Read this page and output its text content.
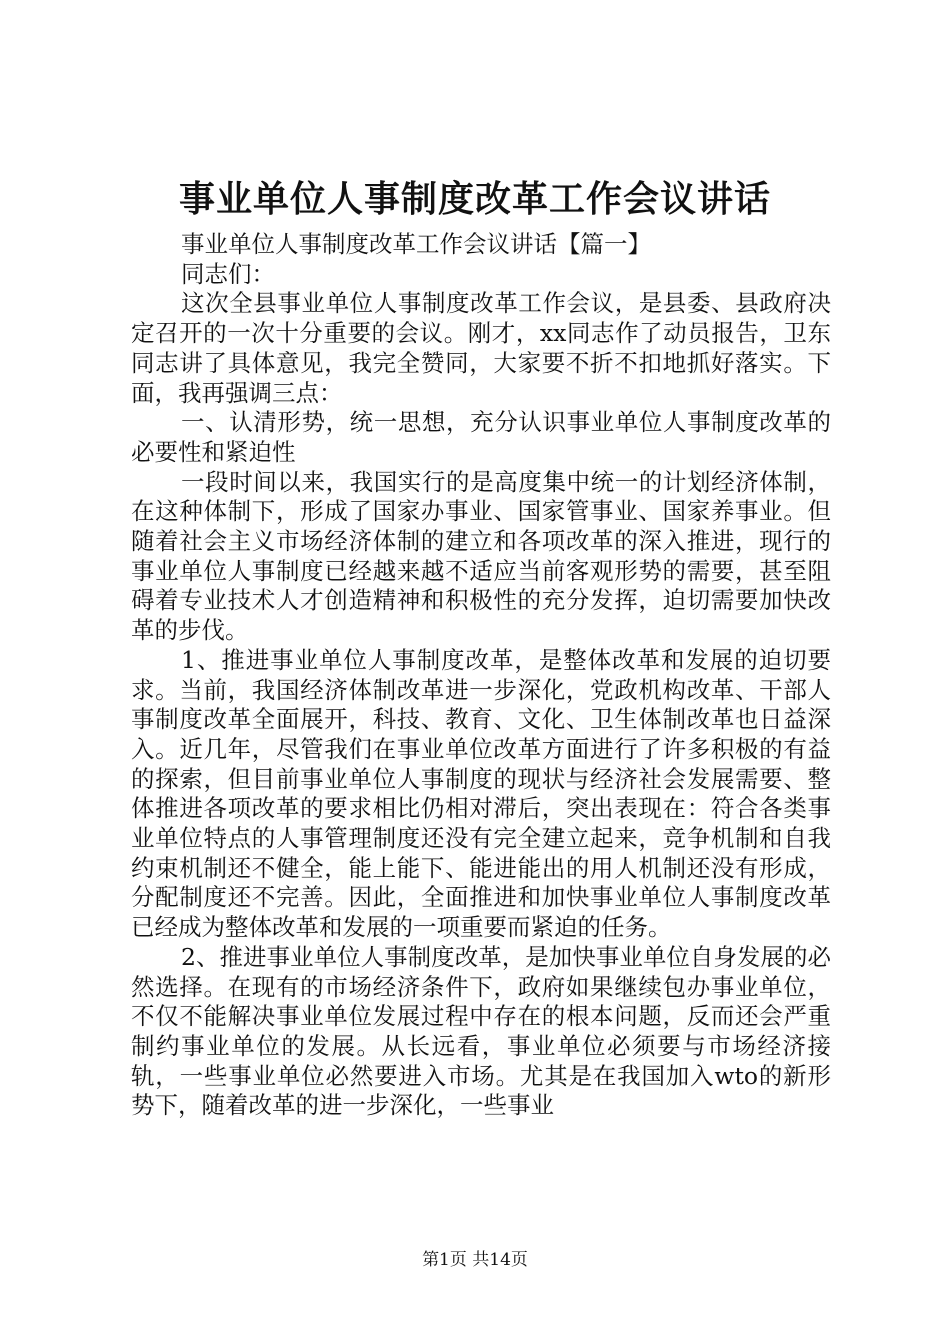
事业单位人事制度改革工作会议讲话

事业单位人事制度改革工作会议讲话【篇一】

同志们：

这次全县事业单位人事制度改革工作会议，是县委、县政府决定召开的一次十分重要的会议。刚才，xx同志作了动员报告，卫东同志讲了具体意见，我完全赞同，大家要不折不扣地抓好落实。下面，我再强调三点：

一、认清形势，统一思想，充分认识事业单位人事制度改革的必要性和紧迫性

一段时间以来，我国实行的是高度集中统一的计划经济体制，在这种体制下，形成了国家办事业、国家管事业、国家养事业。但随着社会主义市场经济体制的建立和各项改革的深入推进，现行的事业单位人事制度已经越来越不适应当前客观形势的需要，甚至阻碍着专业技术人才创造精神和积极性的充分发挥，迫切需要加快改革的步伐。

1、推进事业单位人事制度改革，是整体改革和发展的迫切要求。当前，我国经济体制改革进一步深化，党政机构改革、干部人事制度改革全面展开，科技、教育、文化、卫生体制改革也日益深入。近几年，尽管我们在事业单位改革方面进行了许多积极的有益的探索，但目前事业单位人事制度的现状与经济社会发展需要、整体推进各项改革的要求相比仍相对滞后，突出表现在：符合各类事业单位特点的人事管理制度还没有完全建立起来，竞争机制和自我约束机制还不健全，能上能下、能进能出的用人机制还没有形成，分配制度还不完善。因此，全面推进和加快事业单位人事制度改革已经成为整体改革和发展的一项重要而紧迫的任务。

2、推进事业单位人事制度改革，是加快事业单位自身发展的必然选择。在现有的市场经济条件下，政府如果继续包办事业单位，不仅不能解决事业单位发展过程中存在的根本问题，反而还会严重制约事业单位的发展。从长远看，事业单位必须要与市场经济接轨，一些事业单位必然要进入市场。尤其是在我国加入wto的新形势下，随着改革的进一步深化，一些事业

第1页 共14页
